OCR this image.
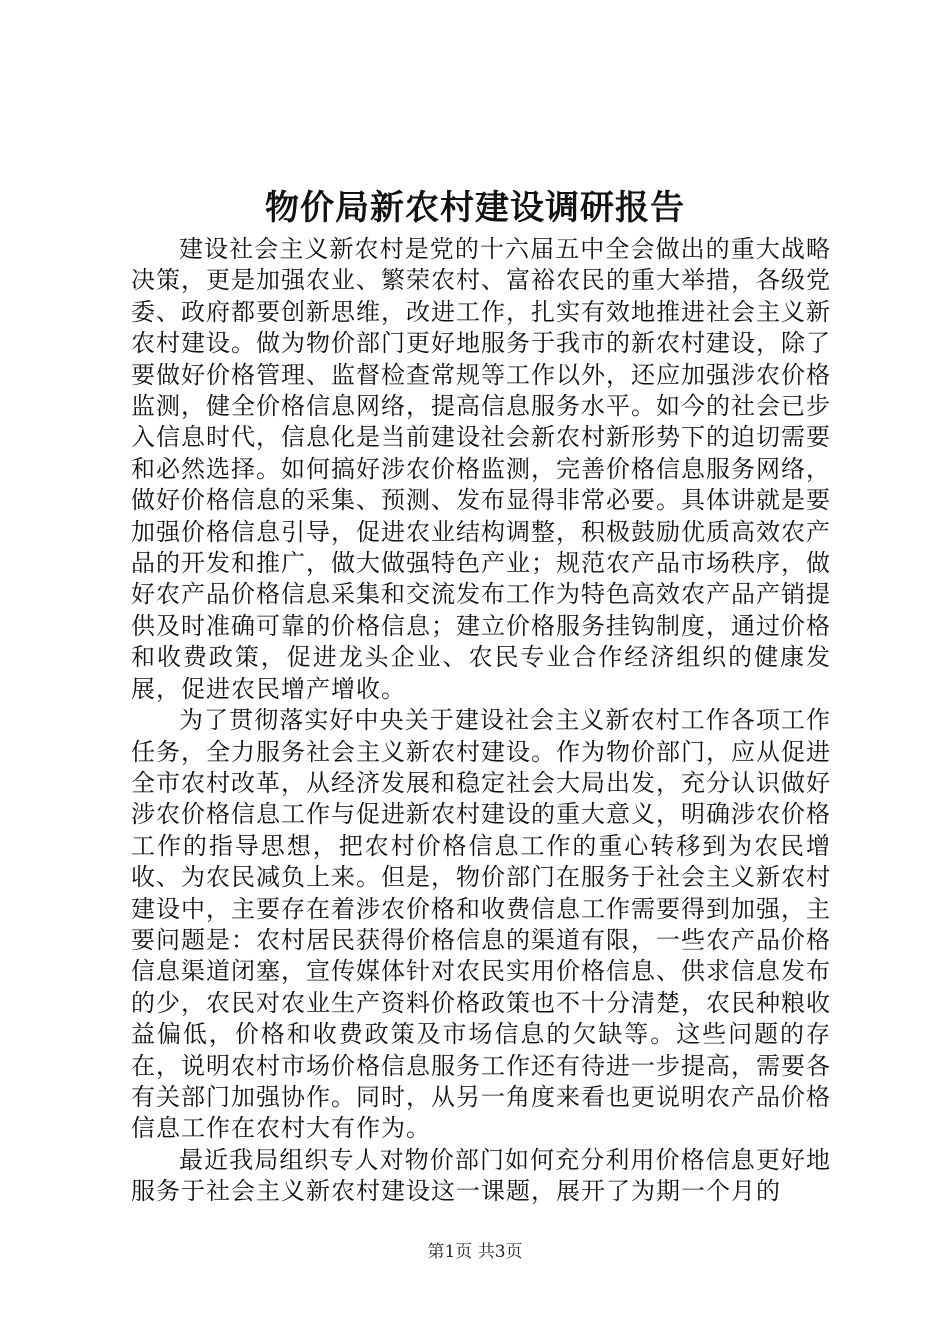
物价局新农村建设调研报告

建设社会主义新农村是党的十六届五中全会做出的重大战略决策，更是加强农业、繁荣农村、富裕农民的重大举措，各级党委、政府都要创新思维，改进工作，扎实有效地推进社会主义新农村建设。做为物价部门更好地服务于我市的新农村建设，除了要做好价格管理、监督检查常规等工作以外，还应加强涉农价格监测，健全价格信息网络，提高信息服务水平。如今的社会已步入信息时代，信息化是当前建设社会新农村新形势下的迫切需要和必然选择。如何搞好涉农价格监测，完善价格信息服务网络，做好价格信息的采集、预测、发布显得非常必要。具体讲就是要加强价格信息引导，促进农业结构调整，积极鼓励优质高效农产品的开发和推广，做大做强特色产业；规范农产品市场秩序，做好农产品价格信息采集和交流发布工作为特色高效农产品产销提供及时准确可靠的价格信息；建立价格服务挂钩制度，通过价格和收费政策，促进龙头企业、农民专业合作经济组织的健康发展，促进农民增产增收。

为了贯彻落实好中央关于建设社会主义新农村工作各项工作任务，全力服务社会主义新农村建设。作为物价部门，应从促进全市农村改革，从经济发展和稳定社会大局出发，充分认识做好涉农价格信息工作与促进新农村建设的重大意义，明确涉农价格工作的指导思想，把农村价格信息工作的重心转移到为农民增收、为农民减负上来。但是，物价部门在服务于社会主义新农村建设中，主要存在着涉农价格和收费信息工作需要得到加强，主要问题是：农村居民获得价格信息的渠道有限，一些农产品价格信息渠道闭塞，宣传媒体针对农民实用价格信息、供求信息发布的少，农民对农业生产资料价格政策也不十分清楚，农民种粮收益偏低，价格和收费政策及市场信息的欠缺等。这些问题的存在，说明农村市场价格信息服务工作还有待进一步提高，需要各有关部门加强协作。同时，从另一角度来看也更说明农产品价格信息工作在农村大有作为。

最近我局组织专人对物价部门如何充分利用价格信息更好地服务于社会主义新农村建设这一课题，展开了为期一个月的

第1页 共3页
